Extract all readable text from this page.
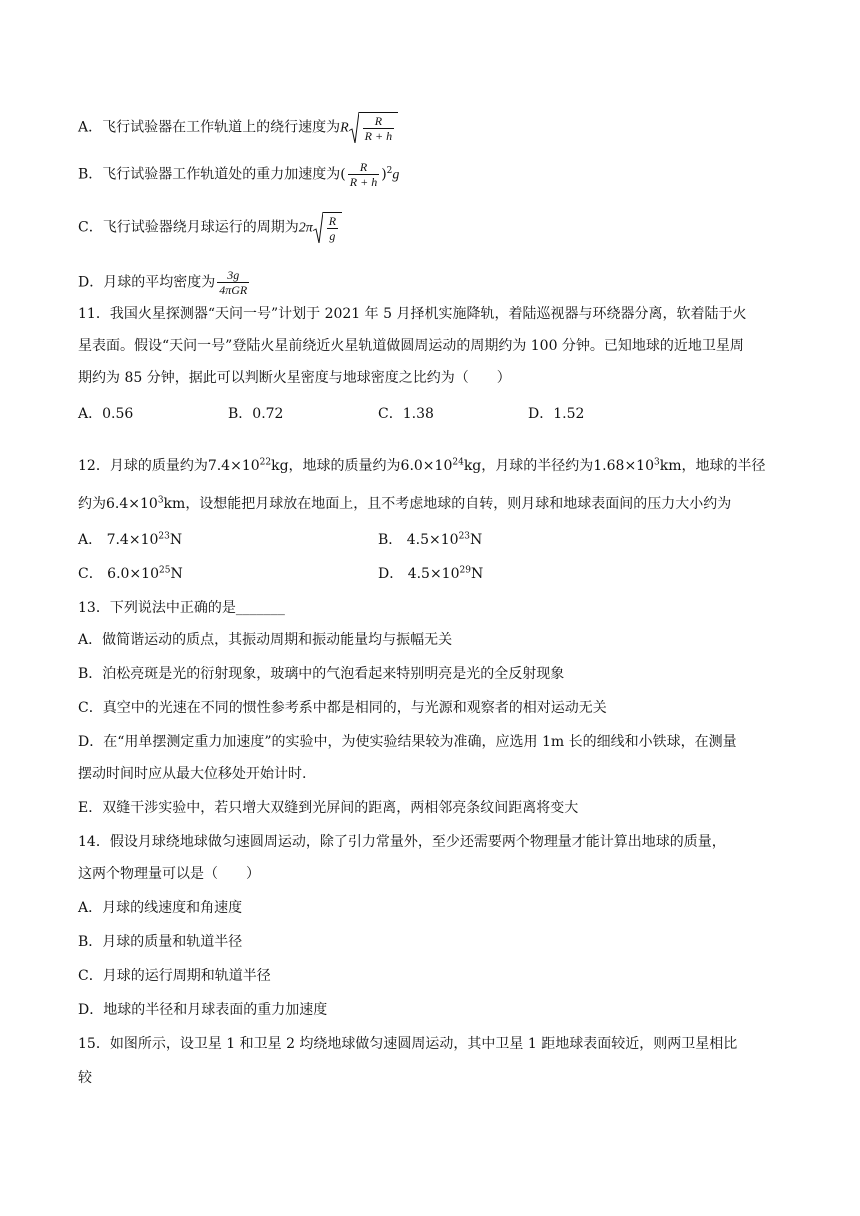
A．飞行试验器在工作轨道上的绕行速度为R $\frac{R}{R + h}$
B．飞行试验器工作轨道处的重力加速度为( $\frac{R}{R + h} )^2g$
C．飞行试验器绕月球运行的周期为$2\pi \frac{R}{g}$
D．月球的平均密度为 $\frac{3g}{\text{4πGR}}$
11．我国火星探测器“天问一号”计划于 2021 年 5 月择机实施降轨，着陆巡视器与环绕器分离，软着陆于火
星表面。假设“天问一号”登陆火星前绕近火星轨道做圆周运动的周期约为 100 分钟。已知地球的近地卫星周
期约为 85 分钟，据此可以判断火星密度与地球密度之比约为（　　）
A．0.56	B．0.72	C．1.38	D．1.52
12．月球的质量约为$7.4\times 10^{22}kg$，地球的质量约为$6.0\times 10^{24}kg$，月球的半径约为$1.68\times 10^3km$，地球的半径
约为$6.4\times 10^3km$，设想能把月球放在地面上，且不考虑地球的自转，则月球和地球表面间的压力大小约为
A． $7.4\times 10^{23}N$	B． $4.5\times 10^{23}N$
C． $6.0\times 10^{25}N$	D． $4.5\times 10^{29}N$
13．下列说法中正确的是_______
A．做简谐运动的质点，其振动周期和振动能量均与振幅无关
B．泊松亮斑是光的衍射现象，玻璃中的气泡看起来特别明亮是光的全反射现象
C．真空中的光速在不同的惯性参考系中都是相同的，与光源和观察者的相对运动无关
D．在“用单摆测定重力加速度”的实验中，为使实验结果较为准确，应选用 1m 长的细线和小铁球，在测量
摆动时间时应从最大位移处开始计时.
E．双缝干涉实验中，若只增大双缝到光屏间的距离，两相邻亮条纹间距离将变大
14．假设月球绕地球做匀速圆周运动，除了引力常量外，至少还需要两个物理量才能计算出地球的质量，
这两个物理量可以是（　　）
A．月球的线速度和角速度
B．月球的质量和轨道半径
C．月球的运行周期和轨道半径
D．地球的半径和月球表面的重力加速度
15．如图所示，设卫星 1 和卫星 2 均绕地球做匀速圆周运动，其中卫星 1 距地球表面较近，则两卫星相比
较
